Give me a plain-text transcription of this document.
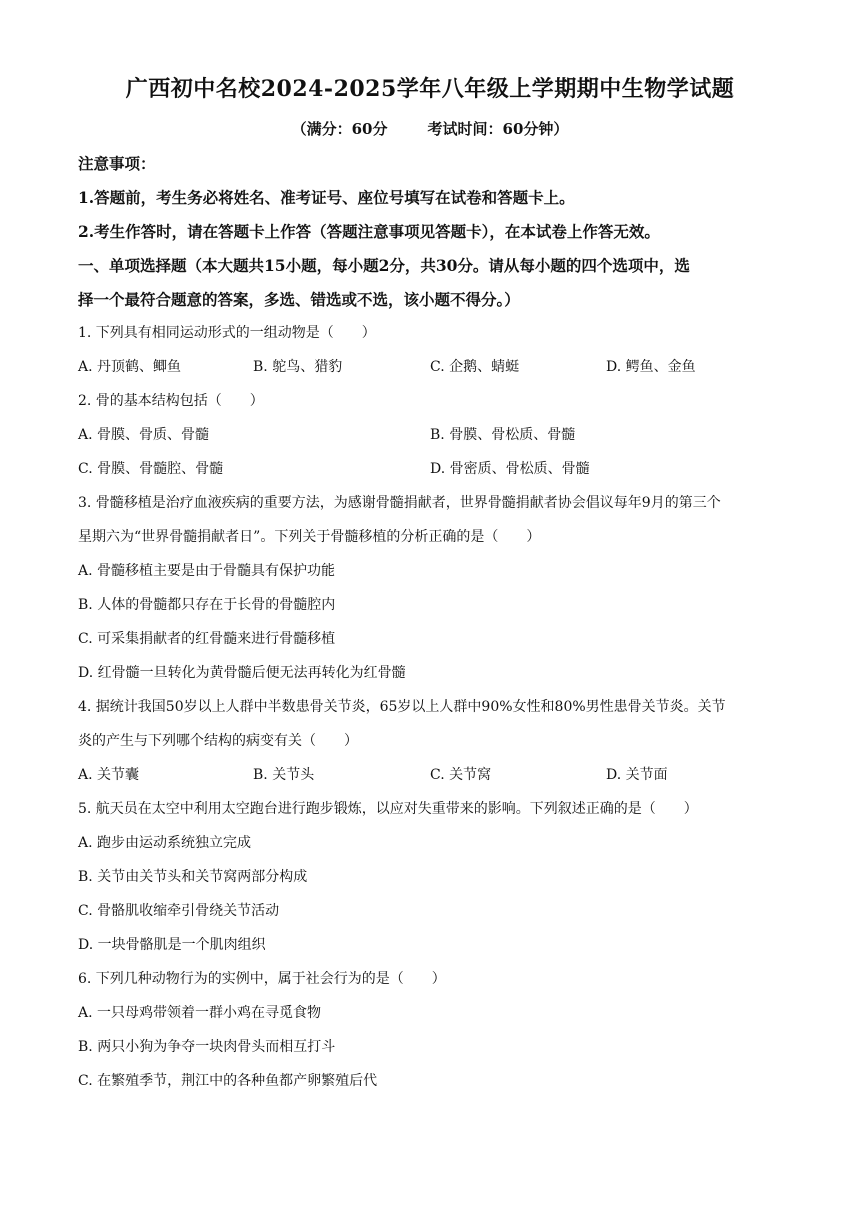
广西初中名校2024-2025学年八年级上学期期中生物学试题
（满分：60分	考试时间：60分钟）
注意事项：
1.答题前，考生务必将姓名、准考证号、座位号填写在试卷和答题卡上。
2.考生作答时，请在答题卡上作答（答题注意事项见答题卡），在本试卷上作答无效。
一、单项选择题（本大题共15小题，每小题2分，共30分。请从每小题的四个选项中，选
择一个最符合题意的答案，多选、错选或不选，该小题不得分。）
1. 下列具有相同运动形式的一组动物是（　　）
A. 丹顶鹤、鲫鱼	B. 鸵鸟、猎豹	C. 企鹅、蜻蜓	D. 鳄鱼、金鱼
2. 骨的基本结构包括（　　）
A. 骨膜、骨质、骨髓	B. 骨膜、骨松质、骨髓
C. 骨膜、骨髓腔、骨髓	D. 骨密质、骨松质、骨髓
3. 骨髓移植是治疗血液疾病的重要方法，为感谢骨髓捐献者，世界骨髓捐献者协会倡议每年9月的第三个
星期六为“世界骨髓捐献者日”。下列关于骨髓移植的分析正确的是（　　）
A. 骨髓移植主要是由于骨髓具有保护功能
B. 人体的骨髓都只存在于长骨的骨髓腔内
C. 可采集捐献者的红骨髓来进行骨髓移植
D. 红骨髓一旦转化为黄骨髓后便无法再转化为红骨髓
4. 据统计我国50岁以上人群中半数患骨关节炎，65岁以上人群中90%女性和80%男性患骨关节炎。关节
炎的产生与下列哪个结构的病变有关（　　）
A. 关节囊	B. 关节头	C. 关节窝	D. 关节面
5. 航天员在太空中利用太空跑台进行跑步锻炼，以应对失重带来的影响。下列叙述正确的是（　　）
A. 跑步由运动系统独立完成
B. 关节由关节头和关节窝两部分构成
C. 骨骼肌收缩牵引骨绕关节活动
D. 一块骨骼肌是一个肌肉组织
6. 下列几种动物行为的实例中，属于社会行为的是（　　）
A. 一只母鸡带领着一群小鸡在寻觅食物
B. 两只小狗为争夺一块肉骨头而相互打斗
C. 在繁殖季节，荆江中的各种鱼都产卵繁殖后代
